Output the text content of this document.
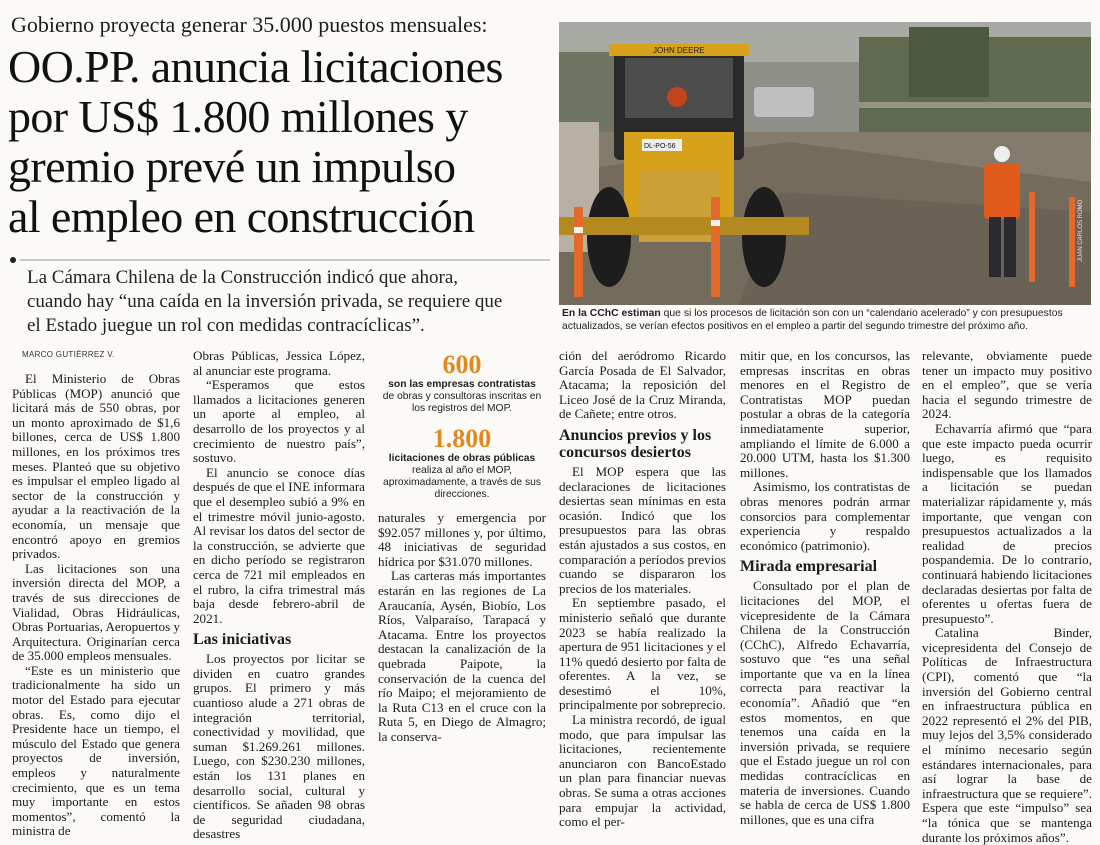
Gobierno proyecta generar 35.000 puestos mensuales:
OO.PP. anuncia licitaciones
por US$ 1.800 millones y
gremio prevé un impulso
al empleo en construcción
La Cámara Chilena de la Construcción indicó que ahora,
cuando hay “una caída en la inversión privada, se requiere que
el Estado juegue un rol con medidas contracíclicas”.
JOHN DEERE
DL-PO-56
JUAN CARLOS ROMO
En la CChC estiman que si los procesos de licitación son con un “calendario acelerado” y con presupuestos actualizados, se verían efectos positivos en el empleo a partir del segundo trimestre del próximo año.
MARCO GUTIÉRREZ V.

El Ministerio de Obras Públicas (MOP) anunció que licitará más de 550 obras, por un monto aproximado de $1,6 billones, cerca de US$ 1.800 millones, en los próximos tres meses. Planteó que su objetivo es impulsar el empleo ligado al sector de la construcción y ayudar a la reactivación de la economía, un mensaje que encontró apoyo en gremios privados.

Las licitaciones son una inversión directa del MOP, a través de sus direcciones de Vialidad, Obras Hidráulicas, Obras Portuarias, Aeropuertos y Arquitectura. Originarían cerca de 35.000 empleos mensuales.

“Este es un ministerio que tradicionalmente ha sido un motor del Estado para ejecutar obras. Es, como dijo el Presidente hace un tiempo, el músculo del Estado que genera proyectos de inversión, empleos y naturalmente crecimiento, que es un tema muy importante en estos momentos”, comentó la ministra de

Obras Públicas, Jessica López, al anunciar este programa.

“Esperamos que estos llamados a licitaciones generen un aporte al empleo, al desarrollo de los proyectos y al crecimiento de nuestro país”, sostuvo.

El anuncio se conoce días después de que el INE informara que el desempleo subió a 9% en el trimestre móvil junio-agosto. Al revisar los datos del sector de la construcción, se advierte que en dicho período se registraron cerca de 721 mil empleados en el rubro, la cifra trimestral más baja desde febrero-abril de 2021.

Las iniciativas

Los proyectos por licitar se dividen en cuatro grandes grupos. El primero y más cuantioso alude a 271 obras de integración territorial, conectividad y movilidad, que suman $1.269.261 millones. Luego, con $230.230 millones, están los 131 planes en desarrollo social, cultural y científicos. Se añaden 98 obras de seguridad ciudadana, desastres

600
son las empresas contratistas de obras y consultoras inscritas en los registros del MOP.
1.800
licitaciones de obras públicas realiza al año el MOP, aproximadamente, a través de sus direcciones.

naturales y emergencia por $92.057 millones y, por último, 48 iniciativas de seguridad hídrica por $31.070 millones.

Las carteras más importantes estarán en las regiones de La Araucanía, Aysén, Biobío, Los Ríos, Valparaíso, Tarapacá y Atacama. Entre los proyectos destacan la canalización de la quebrada Paipote, la conservación de la cuenca del río Maipo; el mejoramiento de la Ruta C13 en el cruce con la Ruta 5, en Diego de Almagro; la conserva-

ción del aeródromo Ricardo García Posada de El Salvador, Atacama; la reposición del Liceo José de la Cruz Miranda, de Cañete; entre otros.

Anuncios previos y los concursos desiertos

El MOP espera que las declaraciones de licitaciones desiertas sean mínimas en esta ocasión. Indicó que los presupuestos para las obras están ajustados a sus costos, en comparación a períodos previos cuando se dispararon los precios de los materiales.

En septiembre pasado, el ministerio señaló que durante 2023 se había realizado la apertura de 951 licitaciones y el 11% quedó desierto por falta de oferentes. A la vez, se desestimó el 10%, principalmente por sobreprecio.

La ministra recordó, de igual modo, que para impulsar las licitaciones, recientemente anunciaron con BancoEstado un plan para financiar nuevas obras. Se suma a otras acciones para empujar la actividad, como el per-

mitir que, en los concursos, las empresas inscritas en obras menores en el Registro de Contratistas MOP puedan postular a obras de la categoría inmediatamente superior, ampliando el límite de 6.000 a 20.000 UTM, hasta los $1.300 millones.

Asimismo, los contratistas de obras menores podrán armar consorcios para complementar experiencia y respaldo económico (patrimonio).

Mirada empresarial

Consultado por el plan de licitaciones del MOP, el vicepresidente de la Cámara Chilena de la Construcción (CChC), Alfredo Echavarría, sostuvo que “es una señal importante que va en la línea correcta para reactivar la economía”. Añadió que “en estos momentos, en que tenemos una caída en la inversión privada, se requiere que el Estado juegue un rol con medidas contracíclicas en materia de inversiones. Cuando se habla de cerca de US$ 1.800 millones, que es una cifra

relevante, obviamente puede tener un impacto muy positivo en el empleo”, que se vería hacia el segundo trimestre de 2024.

Echavarría afirmó que “para que este impacto pueda ocurrir luego, es requisito indispensable que los llamados a licitación se puedan materializar rápidamente y, más importante, que vengan con presupuestos actualizados a la realidad de precios pospandemia. De lo contrario, continuará habiendo licitaciones declaradas desiertas por falta de oferentes u ofertas fuera de presupuesto”.

Catalina Binder, vicepresidenta del Consejo de Políticas de Infraestructura (CPI), comentó que “la inversión del Gobierno central en infraestructura pública en 2022 representó el 2% del PIB, muy lejos del 3,5% considerado el mínimo necesario según estándares internacionales, para así lograr la base de infraestructura que se requiere”. Espera que este “impulso” sea “la tónica que se mantenga durante los próximos años”.
